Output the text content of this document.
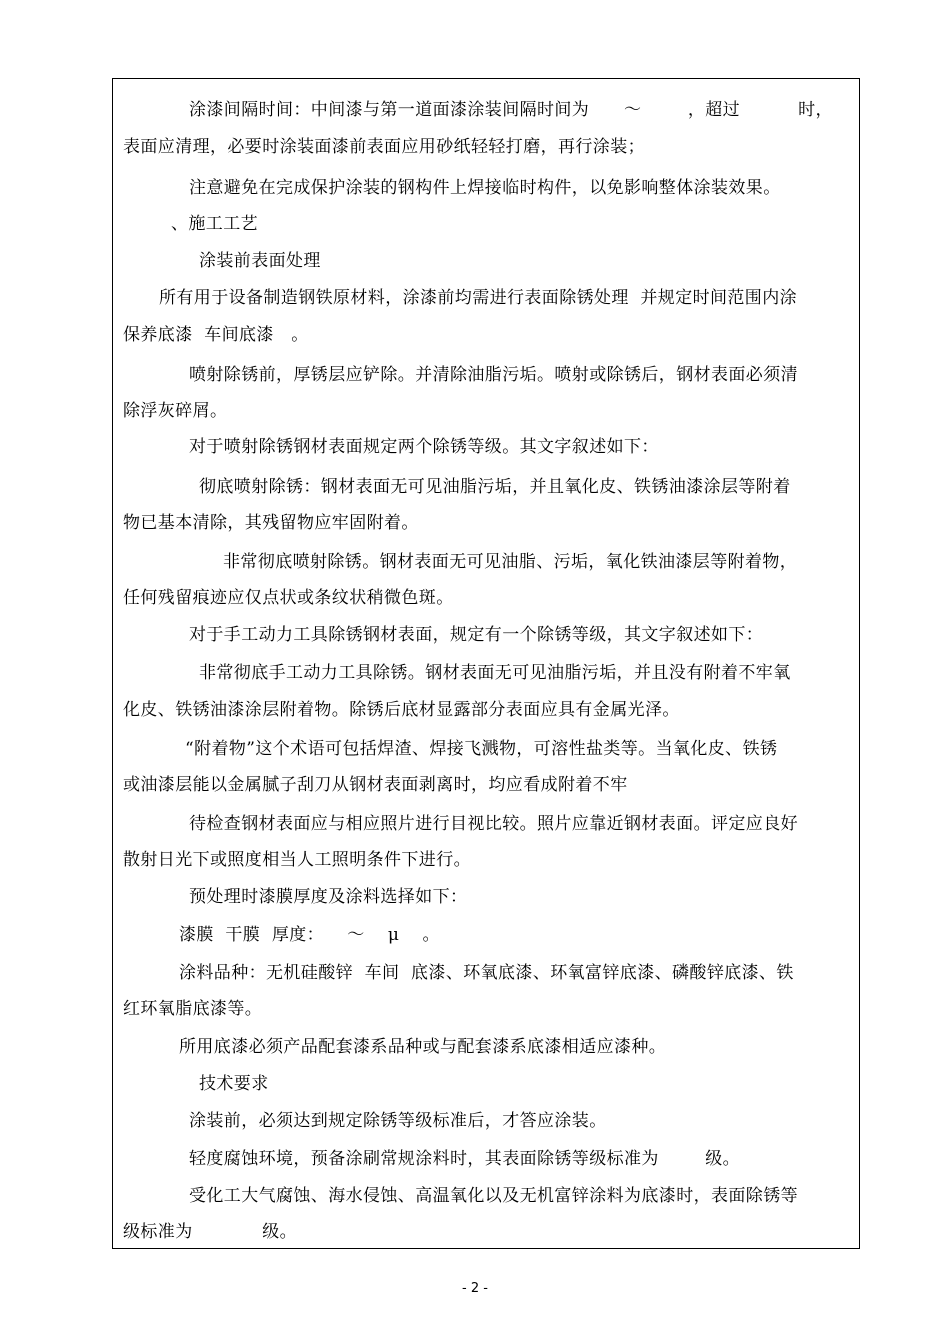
涂漆间隔时间：中间漆与第一道面漆涂装间隔时间为      ～        ，超过          时，
表面应清理，必要时涂装面漆前表面应用砂纸轻轻打磨，再行涂装；
注意避免在完成保护涂装的钢构件上焊接临时构件，以免影响整体涂装效果。
、施工工艺
涂装前表面处理
所有用于设备制造钢铁原材料，涂漆前均需进行表面除锈处理  并规定时间范围内涂
保养底漆  车间底漆   。
喷射除锈前，厚锈层应铲除。并清除油脂污垢。喷射或除锈后，钢材表面必须清
除浮灰碎屑。
对于喷射除锈钢材表面规定两个除锈等级。其文字叙述如下：
彻底喷射除锈：钢材表面无可见油脂污垢，并且氧化皮、铁锈油漆涂层等附着
物已基本清除，其残留物应牢固附着。
非常彻底喷射除锈。钢材表面无可见油脂、污垢，氧化铁油漆层等附着物，
任何残留痕迹应仅点状或条纹状稍微色斑。
对于手工动力工具除锈钢材表面，规定有一个除锈等级，其文字叙述如下：
非常彻底手工动力工具除锈。钢材表面无可见油脂污垢，并且没有附着不牢氧
化皮、铁锈油漆涂层附着物。除锈后底材显露部分表面应具有金属光泽。
“附着物”这个术语可包括焊渣、焊接飞溅物，可溶性盐类等。当氧化皮、铁锈
或油漆层能以金属腻子刮刀从钢材表面剥离时，均应看成附着不牢
待检查钢材表面应与相应照片进行目视比较。照片应靠近钢材表面。评定应良好
散射日光下或照度相当人工照明条件下进行。
预处理时漆膜厚度及涂料选择如下：
漆膜  干膜  厚度：    ～    μ    。
涂料品种：无机硅酸锌  车间  底漆、环氧底漆、环氧富锌底漆、磷酸锌底漆、铁
红环氧脂底漆等。
所用底漆必须产品配套漆系品种或与配套漆系底漆相适应漆种。
技术要求
涂装前，必须达到规定除锈等级标准后，才答应涂装。
轻度腐蚀环境，预备涂刷常规涂料时，其表面除锈等级标准为        级。
受化工大气腐蚀、海水侵蚀、高温氧化以及无机富锌涂料为底漆时，表面除锈等
级标准为            级。
- 2 -
